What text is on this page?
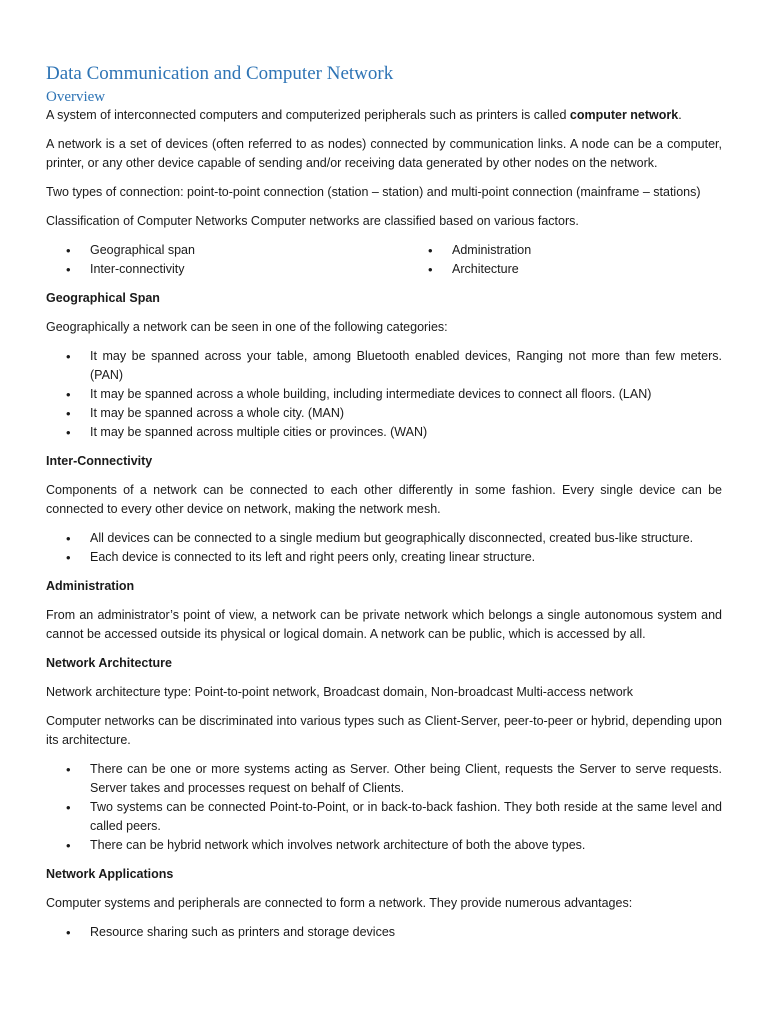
Data Communication and Computer Network
Overview

A system of interconnected computers and computerized peripherals such as printers is called computer network.

A network is a set of devices (often referred to as nodes) connected by communication links. A node can be a computer, printer, or any other device capable of sending and/or receiving data generated by other nodes on the network.

Two types of connection: point-to-point connection (station – station) and multi-point connection (mainframe – stations)

Classification of Computer Networks Computer networks are classified based on various factors.

• Geographical span
• Inter-connectivity
• Administration
• Architecture

Geographical Span

Geographically a network can be seen in one of the following categories:

• It may be spanned across your table, among Bluetooth enabled devices, Ranging not more than few meters. (PAN)
• It may be spanned across a whole building, including intermediate devices to connect all floors. (LAN)
• It may be spanned across a whole city. (MAN)
• It may be spanned across multiple cities or provinces. (WAN)

Inter-Connectivity

Components of a network can be connected to each other differently in some fashion. Every single device can be connected to every other device on network, making the network mesh.

• All devices can be connected to a single medium but geographically disconnected, created bus-like structure.
• Each device is connected to its left and right peers only, creating linear structure.

Administration

From an administrator’s point of view, a network can be private network which belongs a single autonomous system and cannot be accessed outside its physical or logical domain. A network can be public, which is accessed by all.

Network Architecture

Network architecture type: Point-to-point network, Broadcast domain, Non-broadcast Multi-access network

Computer networks can be discriminated into various types such as Client-Server, peer-to-peer or hybrid, depending upon its architecture.

• There can be one or more systems acting as Server. Other being Client, requests the Server to serve requests. Server takes and processes request on behalf of Clients.
• Two systems can be connected Point-to-Point, or in back-to-back fashion. They both reside at the same level and called peers.
• There can be hybrid network which involves network architecture of both the above types.

Network Applications

Computer systems and peripherals are connected to form a network. They provide numerous advantages:

• Resource sharing such as printers and storage devices
